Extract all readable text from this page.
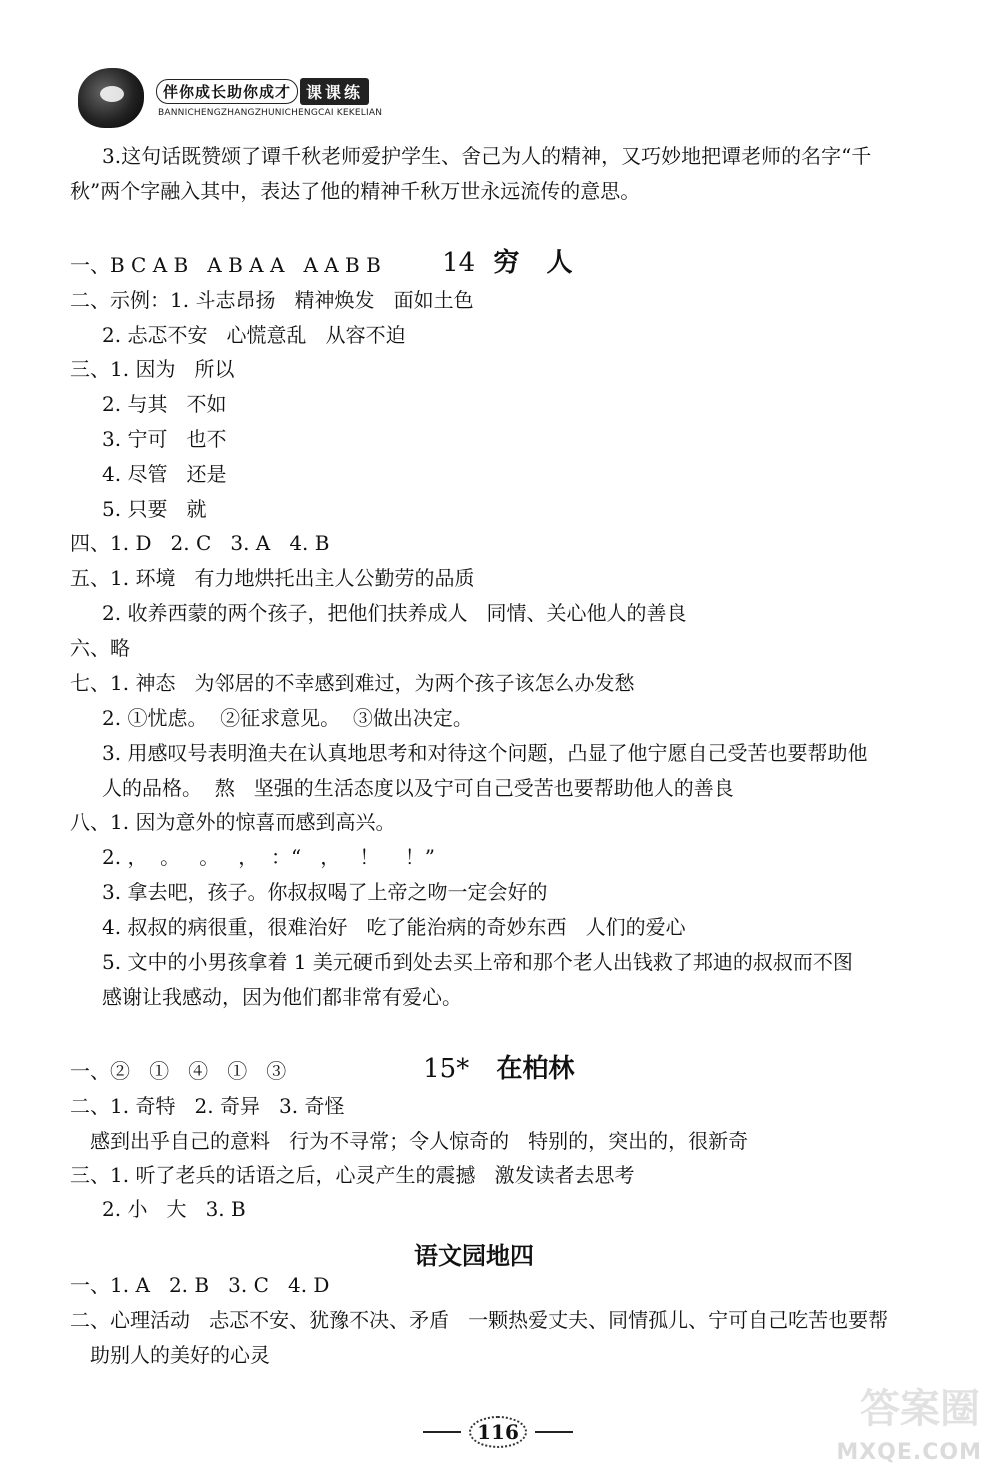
伴你成长助你成才 课课练
BANNICHENGZHANGZHUNICHENGCAI KEKELIAN
3.这句话既赞颂了谭千秋老师爱护学生、舍己为人的精神，又巧妙地把谭老师的名字“千
秋”两个字融入其中，表达了他的精神千秋万世永远流传的意思。

14 穷   人

一、B C A B   A B A A   A A B B
二、示例：1. 斗志昂扬   精神焕发   面如土色
2. 忐忑不安   心慌意乱   从容不迫
三、1. 因为   所以
2. 与其   不如
3. 宁可   也不
4. 尽管   还是
5. 只要   就
四、1. D   2. C   3. A   4. B
五、1. 环境   有力地烘托出主人公勤劳的品质
2. 收养西蒙的两个孩子，把他们扶养成人   同情、关心他人的善良
六、略
七、1. 神态   为邻居的不幸感到难过，为两个孩子该怎么办发愁
2. ①忧虑。  ②征求意见。  ③做出决定。
3. 用感叹号表明渔夫在认真地思考和对待这个问题，凸显了他宁愿自己受苦也要帮助他
人的品格。  熬   坚强的生活态度以及宁可自己受苦也要帮助他人的善良
八、1. 因为意外的惊喜而感到高兴。
2. ，  。   。   ，  ：“   ，   ！    ！”
3. 拿去吧，孩子。你叔叔喝了上帝之吻一定会好的
4. 叔叔的病很重，很难治好   吃了能治病的奇妙东西   人们的爱心
5. 文中的小男孩拿着 1 美元硬币到处去买上帝和那个老人出钱救了邦迪的叔叔而不图
感谢让我感动，因为他们都非常有爱心。

15* 在柏林

一、②   ①   ④   ①   ③
二、1. 奇特   2. 奇异   3. 奇怪
感到出乎自己的意料   行为不寻常；令人惊奇的   特别的，突出的，很新奇
三、1. 听了老兵的话语之后，心灵产生的震撼   激发读者去思考
2. 小   大   3. B
语文园地四
一、1. A   2. B   3. C   4. D
二、心理活动   忐忑不安、犹豫不决、矛盾   一颗热爱丈夫、同情孤儿、宁可自己吃苦也要帮
助别人的美好的心灵
116	答案圈
MXQE.COM
